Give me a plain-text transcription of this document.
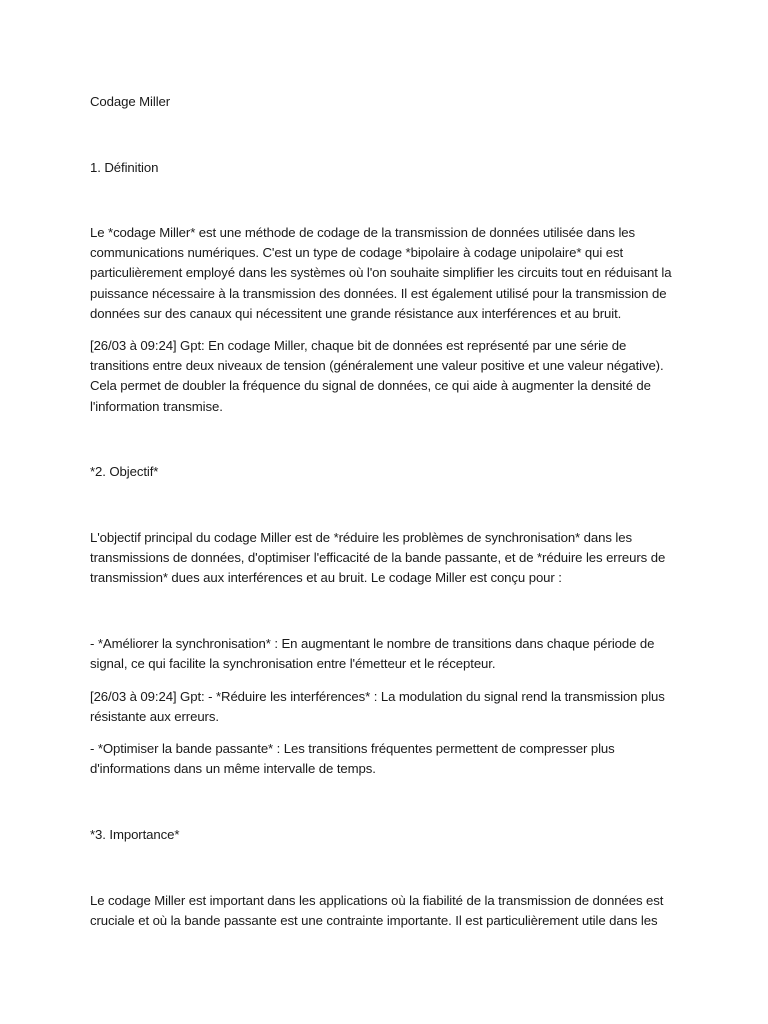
Codage Miller

1. Définition

Le *codage Miller* est une méthode de codage de la transmission de données utilisée dans les communications numériques. C'est un type de codage *bipolaire à codage unipolaire* qui est particulièrement employé dans les systèmes où l'on souhaite simplifier les circuits tout en réduisant la puissance nécessaire à la transmission des données. Il est également utilisé pour la transmission de données sur des canaux qui nécessitent une grande résistance aux interférences et au bruit.

[26/03 à 09:24] Gpt: En codage Miller, chaque bit de données est représenté par une série de transitions entre deux niveaux de tension (généralement une valeur positive et une valeur négative). Cela permet de doubler la fréquence du signal de données, ce qui aide à augmenter la densité de l'information transmise.

*2. Objectif*

L'objectif principal du codage Miller est de *réduire les problèmes de synchronisation* dans les transmissions de données, d'optimiser l'efficacité de la bande passante, et de *réduire les erreurs de transmission* dues aux interférences et au bruit. Le codage Miller est conçu pour :

- *Améliorer la synchronisation* : En augmentant le nombre de transitions dans chaque période de signal, ce qui facilite la synchronisation entre l'émetteur et le récepteur.

[26/03 à 09:24] Gpt: - *Réduire les interférences* : La modulation du signal rend la transmission plus résistante aux erreurs.

- *Optimiser la bande passante* : Les transitions fréquentes permettent de compresser plus d'informations dans un même intervalle de temps.

*3. Importance*

Le codage Miller est important dans les applications où la fiabilité de la transmission de données est cruciale et où la bande passante est une contrainte importante. Il est particulièrement utile dans les
